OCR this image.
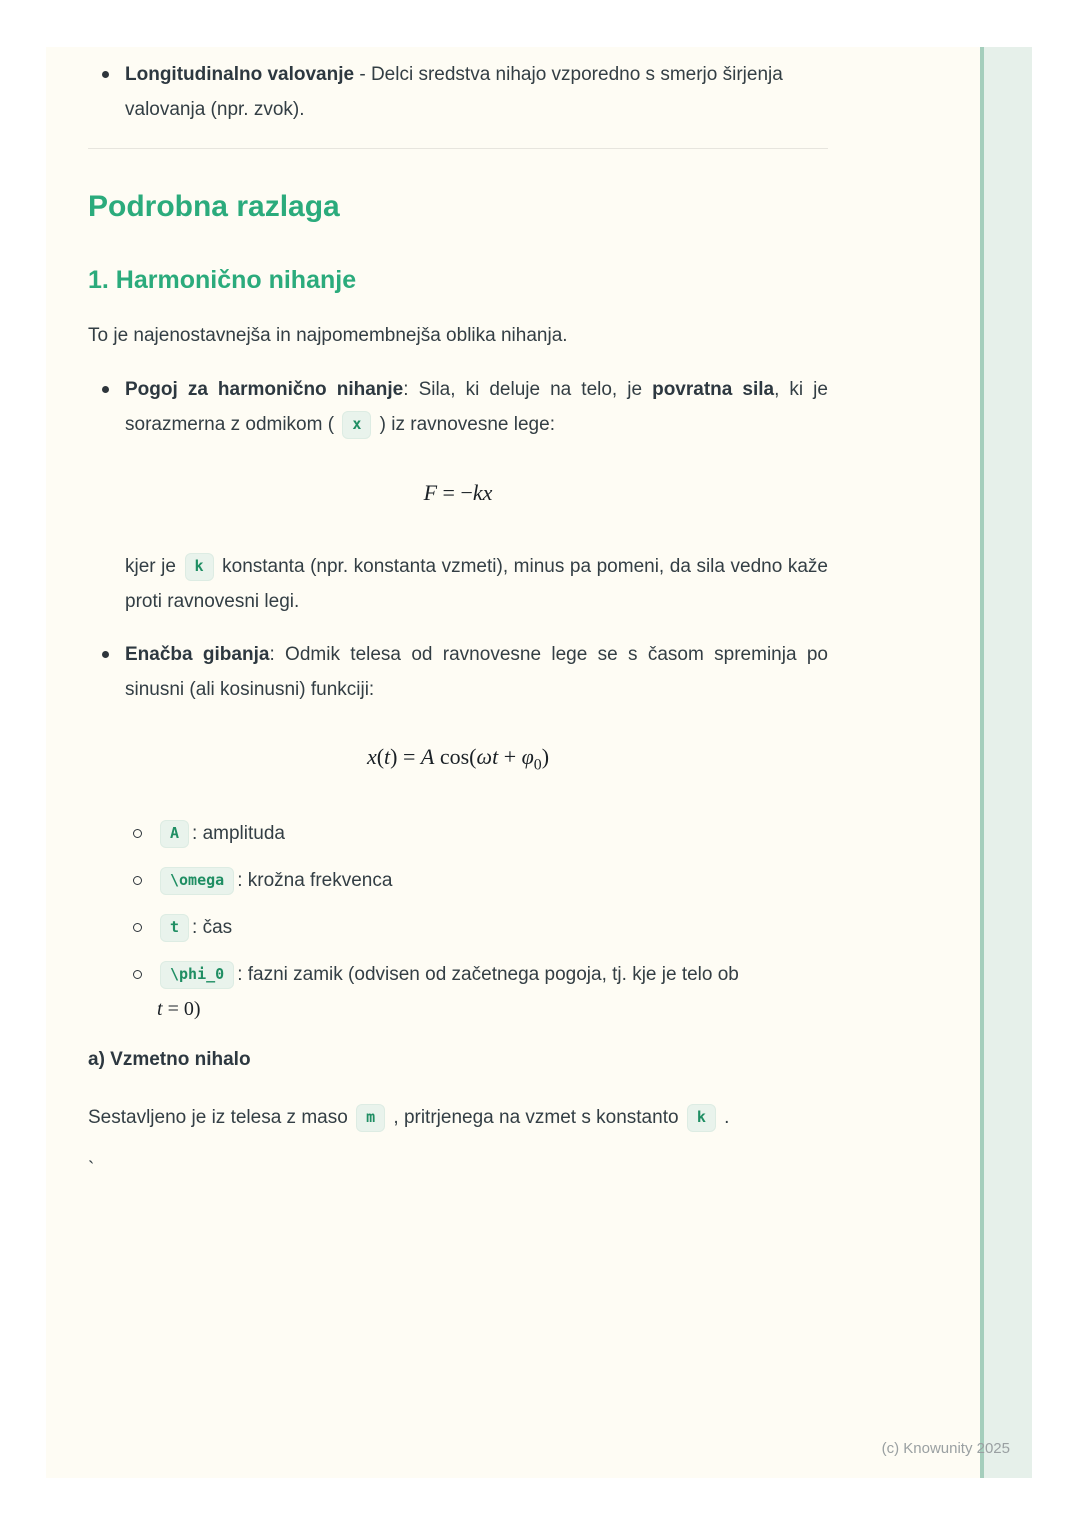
Longitudinalno valovanje - Delci sredstva nihajo vzporedno s smerjo širjenja valovanja (npr. zvok).
Podrobna razlaga
1. Harmonično nihanje

To je najenostavnejša in najpomembnejša oblika nihanja.

Pogoj za harmonično nihanje: Sila, ki deluje na telo, je povratna sila, ki je sorazmerna z odmikom ( x ) iz ravnovesne lege:
F = −kx

kjer je k konstanta (npr. konstanta vzmeti), minus pa pomeni, da sila vedno kaže proti ravnovesni legi.

Enačba gibanja: Odmik telesa od ravnovesne lege se s časom spreminja po sinusni (ali kosinusni) funkciji:
x(t) = A $\cos(\omega t + \varphi_0)$
A : amplituda
\omega : krožna frekvenca
t : čas
\phi_0 : fazni zamik (odvisen od začetnega pogoja, tj. kje je telo ob
t = 0)
a) Vzmetno nihalo

Sestavljeno je iz telesa z maso m , pritrjenega na vzmet s konstanto k .

`

(c) Knowunity 2025
